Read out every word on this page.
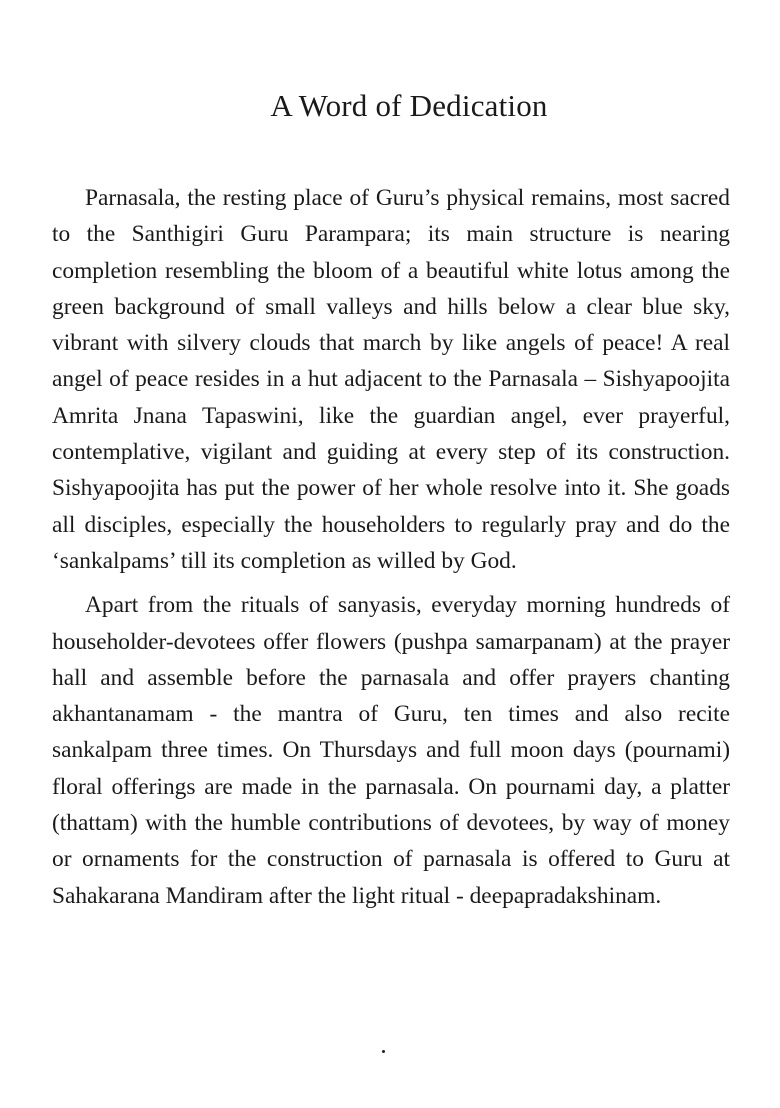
A Word of Dedication

Parnasala, the resting place of Guru’s physical remains, most sacred to the Santhigiri Guru Parampara; its main structure is nearing completion resembling the bloom of a beautiful white lotus among the green background of small valleys and hills below a clear blue sky, vibrant with silvery clouds that march by like angels of peace! A real angel of peace resides in a hut adjacent to the Parnasala – Sishyapoojita Amrita Jnana Tapaswini, like the guardian angel, ever prayerful, contemplative, vigilant and guiding at every step of its construction. Sishyapoojita has put the power of her whole resolve into it. She goads all disciples, especially the householders to regularly pray and do the ‘sankalpams’ till its completion as willed by God.

Apart from the rituals of sanyasis, everyday morning hundreds of householder-devotees offer flowers (pushpa samarpanam) at the prayer hall and assemble before the parnasala and offer prayers chanting akhantanamam - the mantra of Guru, ten times and also recite sankalpam three times. On Thursdays and full moon days (pournami) floral offerings are made in the parnasala. On pournami day, a platter (thattam) with the humble contributions of devotees, by way of money or ornaments for the construction of parnasala is offered to Guru at Sahakarana Mandiram after the light ritual - deepapradakshinam.
